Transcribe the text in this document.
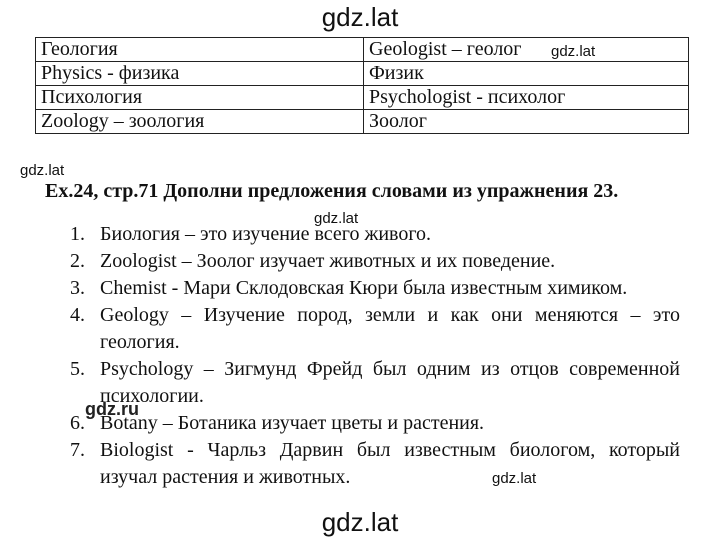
gdz.lat
Геология	Geologist – геолог
Physics - физика	Физик
Психология	Psychologist - психолог
Zoology – зоология	Зоолог
gdz.lat
gdz.lat
Ex.24, стр.71 Дополни предложения словами из упражнения 23.
gdz.lat
1. Биология – это изучение всего живого.
2. Zoologist – Зоолог изучает животных и их поведение.
3. Chemist - Мари Склодовская Кюри была известным химиком.
4. Geology – Изучение пород, земли и как они меняются – это геология.
5. Psychology – Зигмунд Фрейд был одним из отцов современной психологии.
6. Botany – Ботаника изучает цветы и растения.
7. Biologist - Чарльз Дарвин был известным биологом, который изучал растения и животных.
gdz.ru
gdz.lat
gdz.lat
